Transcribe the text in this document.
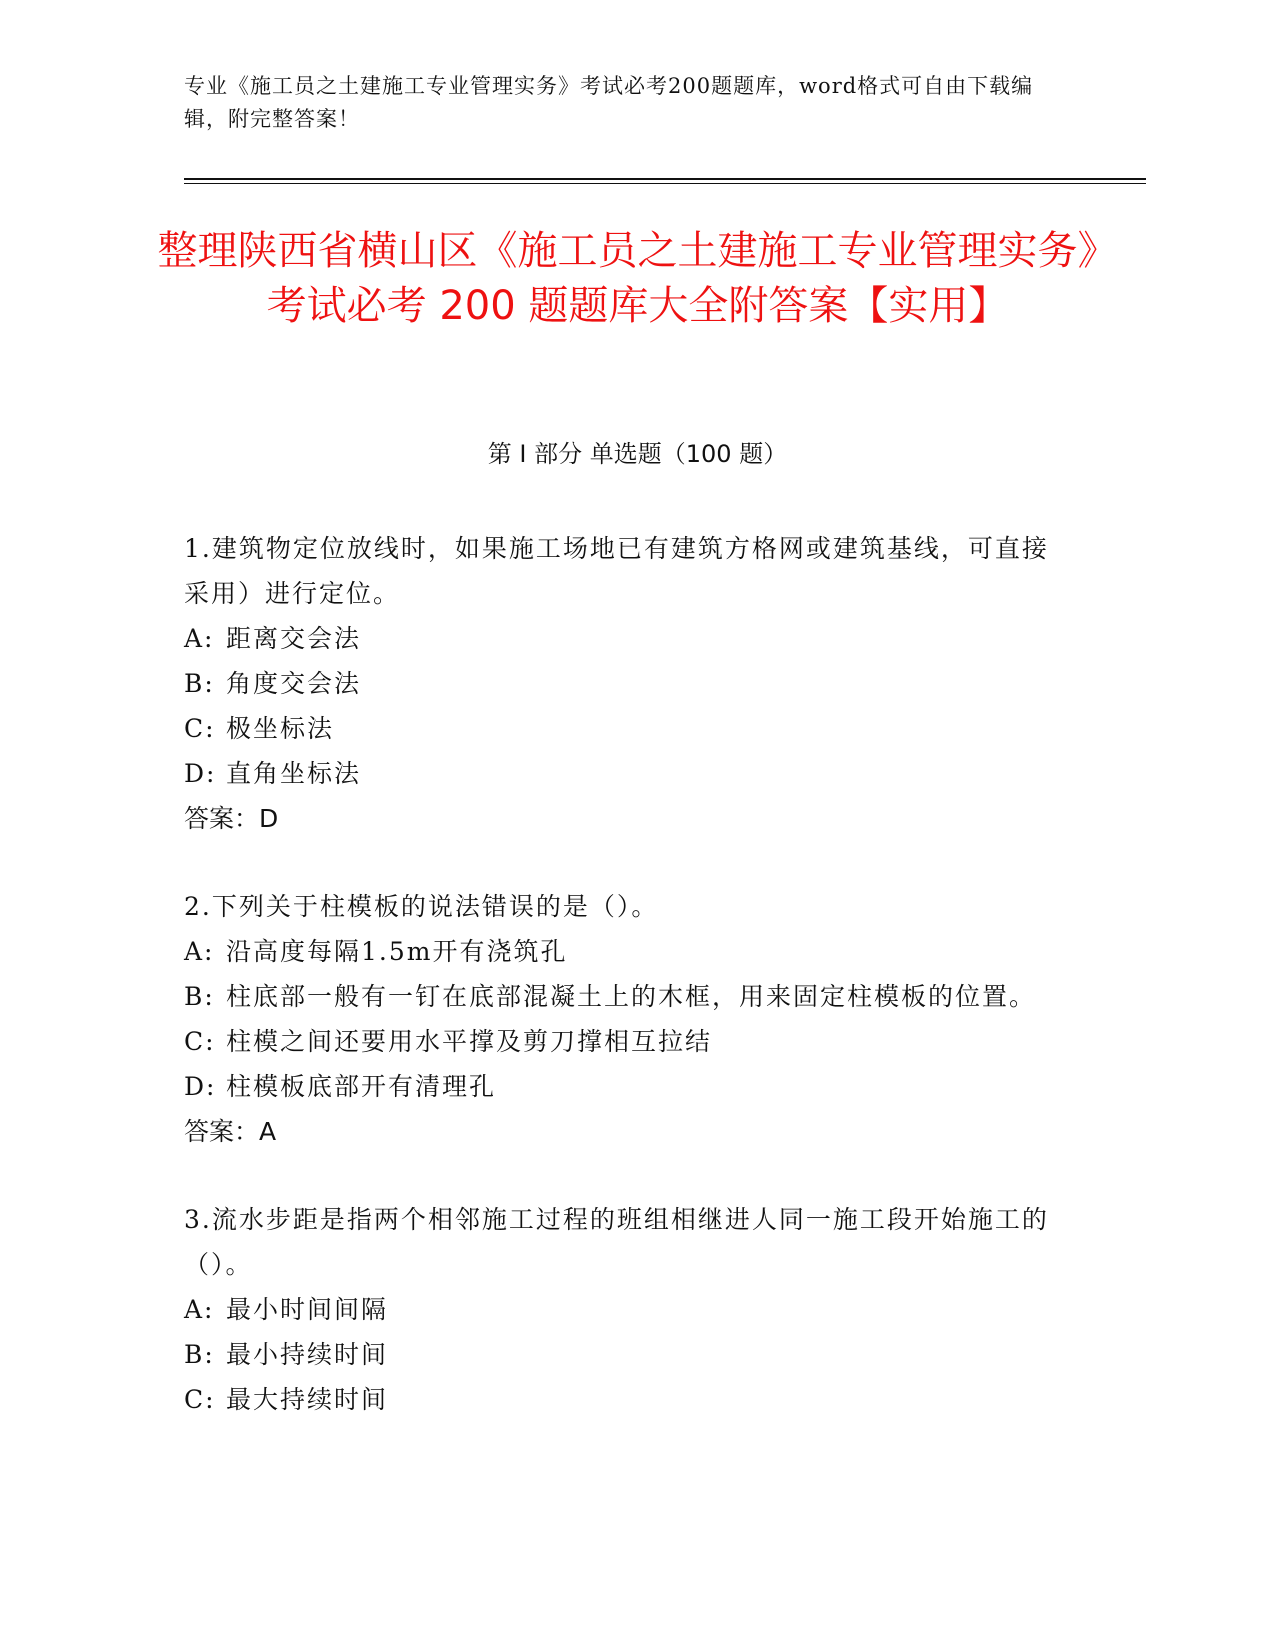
专业《施工员之土建施工专业管理实务》考试必考200题题库，word格式可自由下载编辑，附完整答案！

整理陕西省横山区《施工员之土建施工专业管理实务》考试必考 200 题题库大全附答案【实用】
第 I 部分 单选题（100 题）

1.建筑物定位放线时，如果施工场地已有建筑方格网或建筑基线，可直接采用）进行定位。

A: 距离交会法
B: 角度交会法
C: 极坐标法
D: 直角坐标法

答案：D

2.下列关于柱模板的说法错误的是（）。

A: 沿高度每隔1.5m开有浇筑孔
B: 柱底部一般有一钉在底部混凝土上的木框，用来固定柱模板的位置。
C: 柱模之间还要用水平撑及剪刀撑相互拉结
D: 柱模板底部开有清理孔

答案：A

3.流水步距是指两个相邻施工过程的班组相继进人同一施工段开始施工的（）。

A: 最小时间间隔
B: 最小持续时间
C: 最大持续时间
